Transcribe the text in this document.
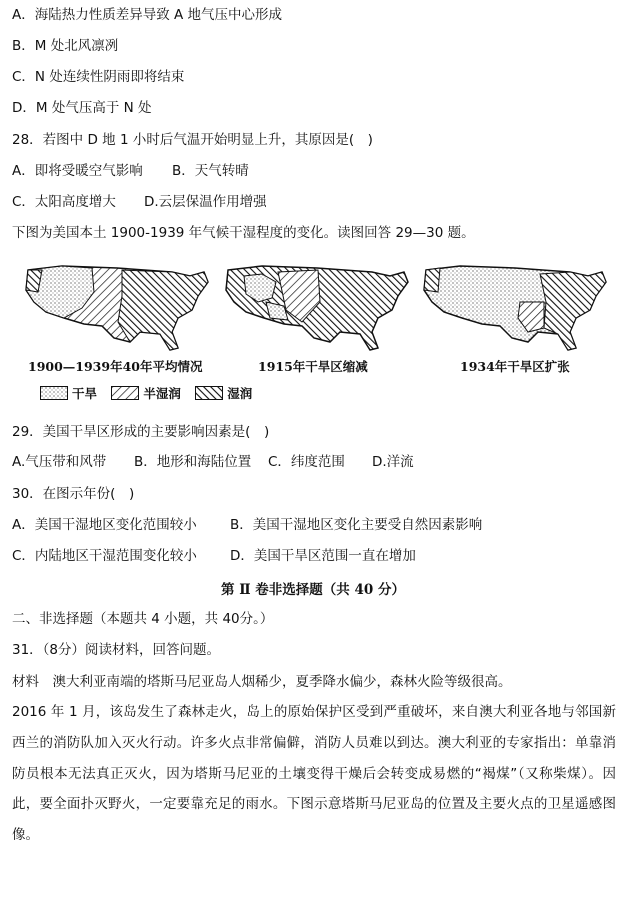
A．海陆热力性质差异导致 A 地气压中心形成
B．M 处北风凛冽
C．N 处连续性阴雨即将结束
D．M 处气压高于 N 处
28．若图中 D 地 1 小时后气温开始明显上升，其原因是(　)
A．即将受暖空气影响 B．天气转晴
C．太阳高度增大 D.云层保温作用增强
下图为美国本土 1900-1939 年气候干湿程度的变化。读图回答 29—30 题。
1900—1939年40年平均情况	1915年干旱区缩减	1934年干旱区扩张
干旱
	半湿润
	湿润
29．美国干旱区形成的主要影响因素是(　)
A.气压带和风带 B．地形和海陆位置 C．纬度范围 D.洋流
30．在图示年份(　)
A．美国干湿地区变化范围较小 B．美国干湿地区变化主要受自然因素影响
C．内陆地区干湿范围变化较小 D．美国干旱区范围一直在增加
第 Ⅱ 卷非选择题（共 40 分）
二、非选择题（本题共 4 小题，共 40分。）
31．（8分）阅读材料，回答问题。
材料　澳大利亚南端的塔斯马尼亚岛人烟稀少，夏季降水偏少，森林火险等级很高。
2016 年 1 月，该岛发生了森林走火，岛上的原始保护区受到严重破坏，来自澳大利亚各地与邻国新西兰的消防队加入灭火行动。许多火点非常偏僻，消防人员难以到达。澳大利亚的专家指出：单靠消防员根本无法真正灭火，因为塔斯马尼亚的土壤变得干燥后会转变成易燃的“褐煤”（又称柴煤）。因此，要全面扑灭野火，一定要靠充足的雨水。下图示意塔斯马尼亚岛的位置及主要火点的卫星遥感图像。
